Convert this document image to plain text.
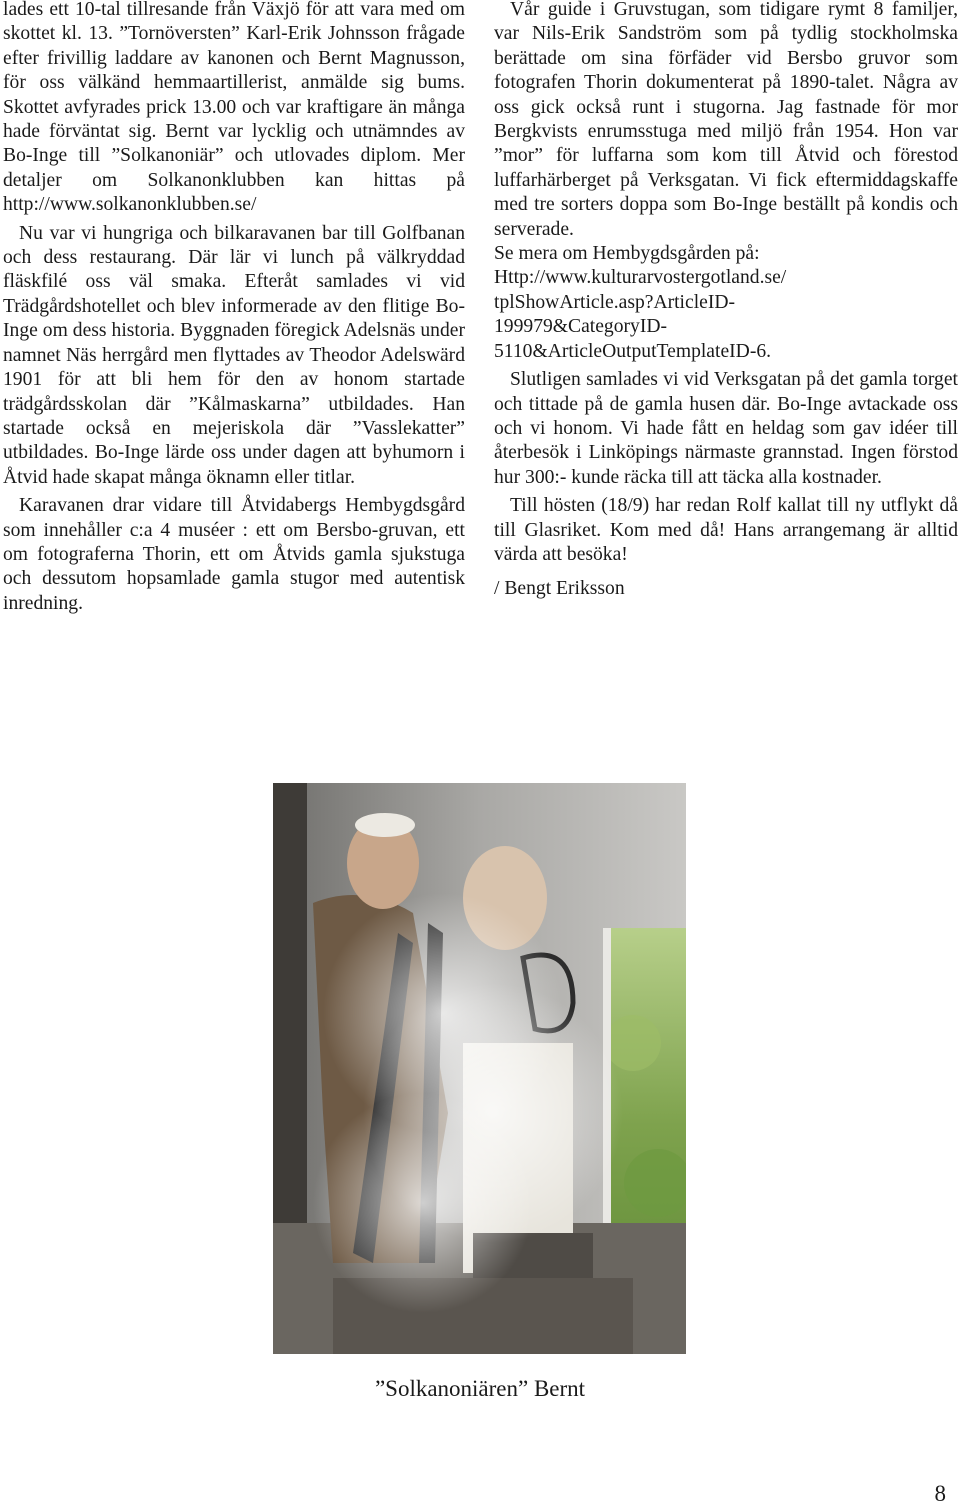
lades ett 10-tal tillresande från Växjö för att vara med om skottet kl. 13. ”Tornöversten” Karl-Erik Johnsson frågade efter frivillig laddare av kanonen och Bernt Magnusson, för oss välkänd hemmaartillerist, anmälde sig bums. Skottet avfyrades prick 13.00 och var kraftigare än många hade förväntat sig. Bernt var lycklig och utnämndes av Bo-Inge till ”Solkanoniär” och utlovades diplom. Mer detaljer om Solkanonklubben kan hittas på http://www.solkanonklubben.se/

Nu var vi hungriga och bilkaravanen bar till Golfbanan och dess restaurang. Där lär vi lunch på välkryddad fläskfilé oss väl smaka. Efteråt samlades vi vid Trädgårdshotellet och blev informerade av den flitige Bo-Inge om dess historia. Byggnaden föregick Adelsnäs under namnet Näs herrgård men flyttades av Theodor Adelswärd 1901 för att bli hem för den av honom startade trädgårdsskolan där ”Kålmaskarna” utbildades. Han startade också en mejeriskola där ”Vasslekatter” utbildades. Bo-Inge lärde oss under dagen att byhumorn i Åtvid hade skapat många öknamn eller titlar.

Karavanen drar vidare till Åtvidabergs Hembygdsgård som innehåller c:a 4 muséer : ett om Bersbo-gruvan, ett om fotograferna Thorin, ett om Åtvids gamla sjukstuga och dessutom hopsamlade gamla stugor med autentisk inredning.

Vår guide i Gruvstugan, som tidigare rymt 8 familjer, var Nils-Erik Sandström som på tydlig stockholmska berättade om sina förfäder vid Bersbo gruvor som fotografen Thorin dokumenterat på 1890-talet. Några av oss gick också runt i stugorna. Jag fastnade för mor Bergkvists enrumsstuga med miljö från 1954. Hon var ”mor” för luffarna som kom till Åtvid och förestod luffarhärberget på Verksgatan. Vi fick eftermiddagskaffe med tre sorters doppa som Bo-Inge beställt på kondis och serverade.

Se mera om Hembygdsgården på:

Http://www.kulturarvostergotland.se/

tplShowArticle.asp?ArticleID-

199979&CategoryID-

5110&ArticleOutputTemplateID-6.

Slutligen samlades vi vid Verksgatan på det gamla torget och tittade på de gamla husen där. Bo-Inge avtackade oss och vi honom. Vi hade fått en heldag som gav idéer till återbesök i Linköpings närmaste grannstad. Ingen förstod hur 300:- kunde räcka till att täcka alla kostnader.

Till hösten (18/9) har redan Rolf kallat till ny utflykt då till Glasriket. Kom med då! Hans arrangemang är alltid värda att besöka!

/ Bengt Eriksson

”Solkanoniären” Bernt
8
